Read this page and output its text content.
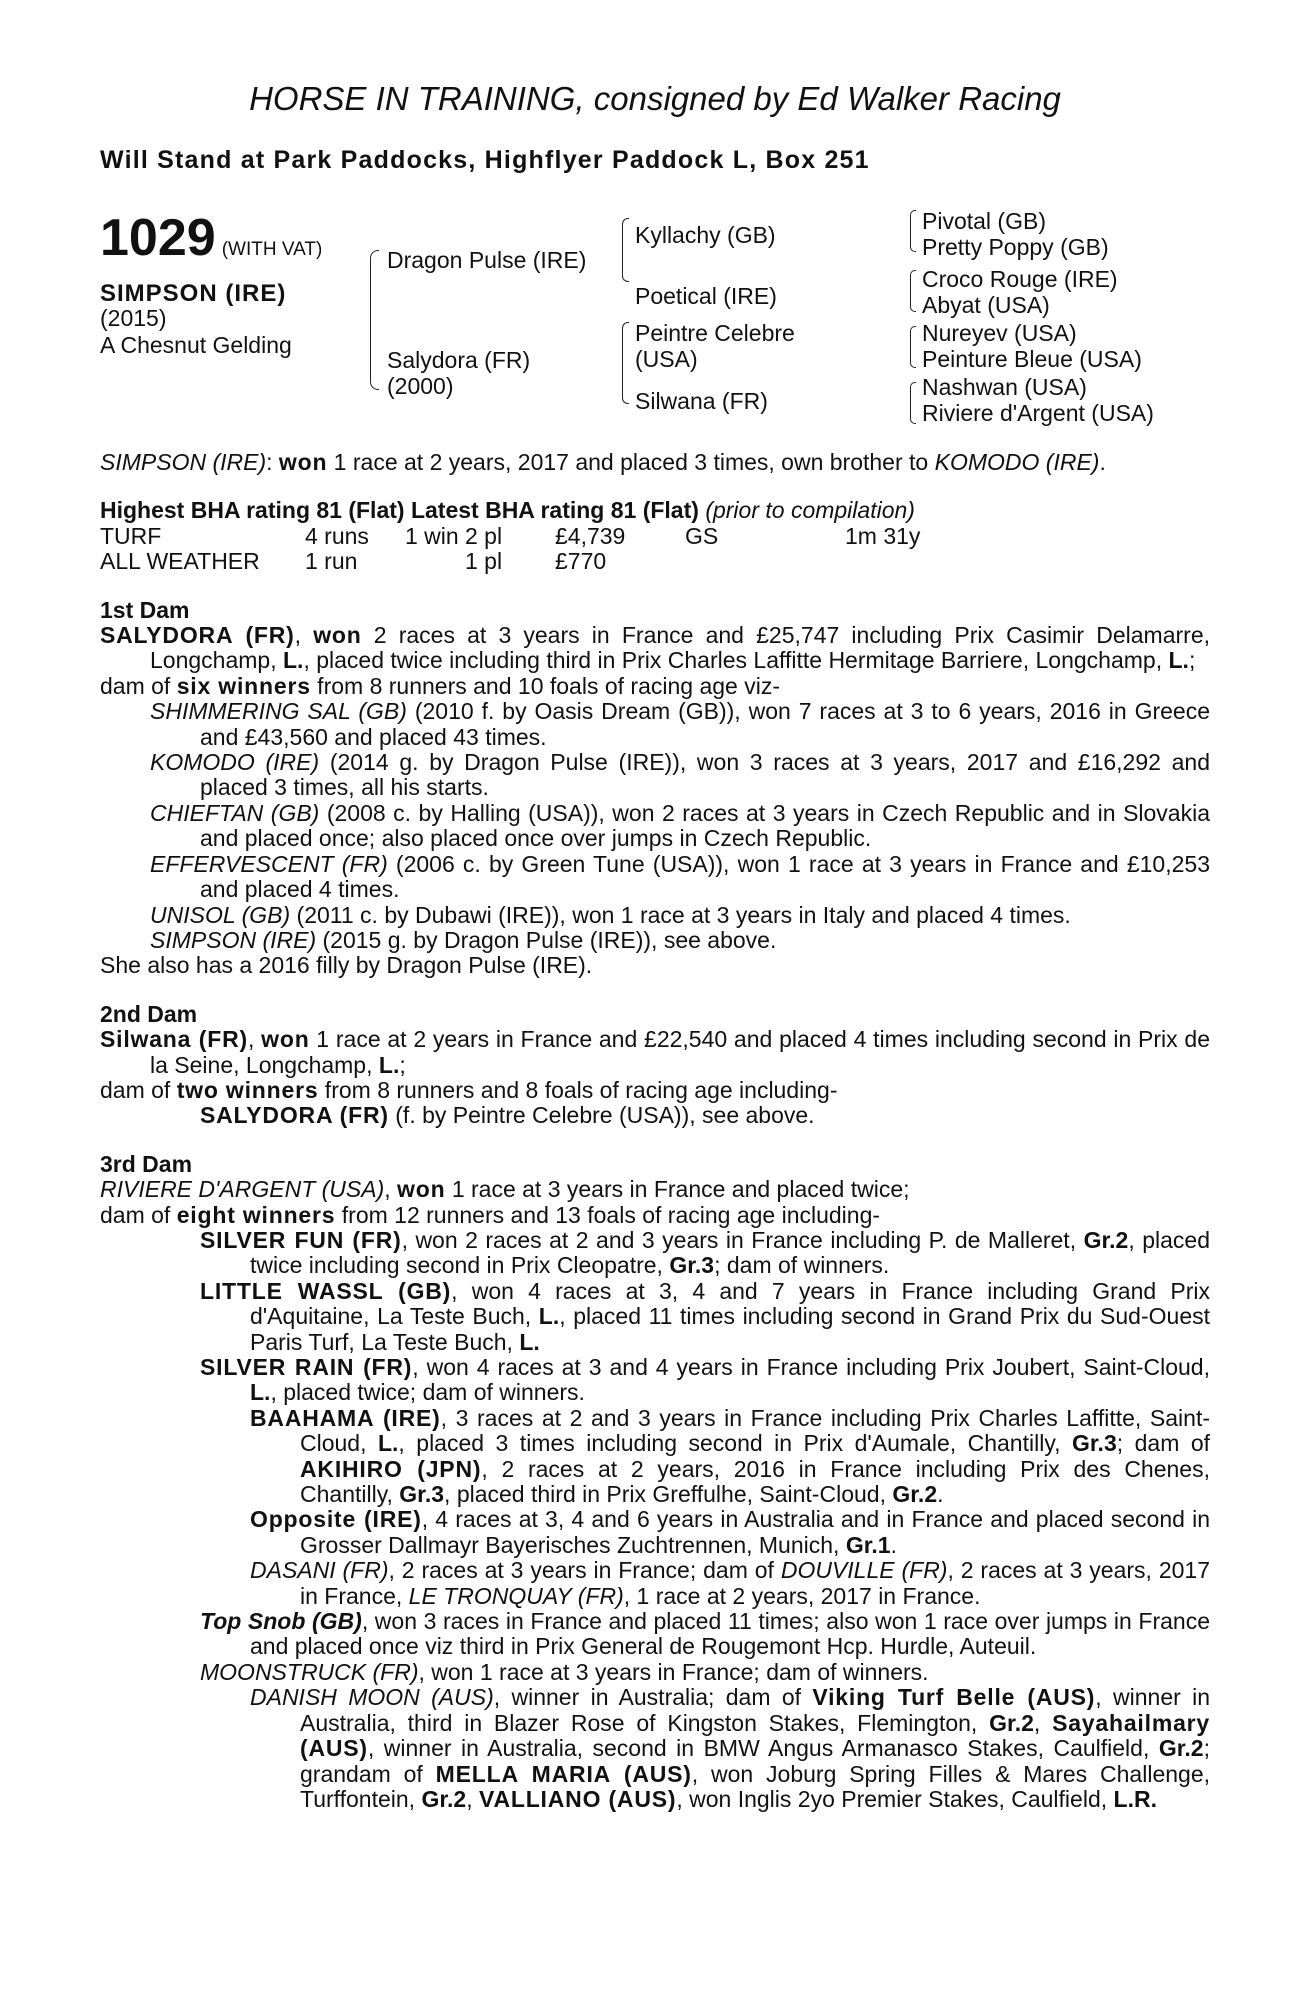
HORSE IN TRAINING, consigned by Ed Walker Racing
Will Stand at Park Paddocks, Highflyer Paddock L, Box 251
1029 (WITH VAT)
SIMPSON (IRE)
(2015)
A Chesnut Gelding
Dragon Pulse (IRE)
Salydora (FR)
(2000)
Kyllachy (GB)
Poetical (IRE)
Peintre Celebre
(USA)
Silwana (FR)
Pivotal (GB)
Pretty Poppy (GB)
Croco Rouge (IRE)
Abyat (USA)
Nureyev (USA)
Peinture Bleue (USA)
Nashwan (USA)
Riviere d'Argent (USA)

SIMPSON (IRE): won 1 race at 2 years, 2017 and placed 3 times, own brother to KOMODO (IRE).

Highest BHA rating 81 (Flat) Latest BHA rating 81 (Flat) (prior to compilation)
TURF	4 runs	1 win 2 pl	£4,739	GS	1m 31y
ALL WEATHER	1 run	1 pl	£770
1st Dam

SALYDORA (FR), won 2 races at 3 years in France and £25,747 including Prix Casimir Delamarre, Longchamp, L., placed twice including third in Prix Charles Laffitte Hermitage Barriere, Longchamp, L.;

dam of six winners from 8 runners and 10 foals of racing age viz-

SHIMMERING SAL (GB) (2010 f. by Oasis Dream (GB)), won 7 races at 3 to 6 years, 2016 in Greece and £43,560 and placed 43 times.

KOMODO (IRE) (2014 g. by Dragon Pulse (IRE)), won 3 races at 3 years, 2017 and £16,292 and placed 3 times, all his starts.

CHIEFTAN (GB) (2008 c. by Halling (USA)), won 2 races at 3 years in Czech Republic and in Slovakia and placed once; also placed once over jumps in Czech Republic.

EFFERVESCENT (FR) (2006 c. by Green Tune (USA)), won 1 race at 3 years in France and £10,253 and placed 4 times.

UNISOL (GB) (2011 c. by Dubawi (IRE)), won 1 race at 3 years in Italy and placed 4 times.

SIMPSON (IRE) (2015 g. by Dragon Pulse (IRE)), see above.

She also has a 2016 filly by Dragon Pulse (IRE).

2nd Dam

Silwana (FR), won 1 race at 2 years in France and £22,540 and placed 4 times including second in Prix de la Seine, Longchamp, L.;

dam of two winners from 8 runners and 8 foals of racing age including-

SALYDORA (FR) (f. by Peintre Celebre (USA)), see above.

3rd Dam

RIVIERE D'ARGENT (USA), won 1 race at 3 years in France and placed twice;

dam of eight winners from 12 runners and 13 foals of racing age including-

SILVER FUN (FR), won 2 races at 2 and 3 years in France including P. de Malleret, Gr.2, placed twice including second in Prix Cleopatre, Gr.3; dam of winners.

LITTLE WASSL (GB), won 4 races at 3, 4 and 7 years in France including Grand Prix d'Aquitaine, La Teste Buch, L., placed 11 times including second in Grand Prix du Sud-Ouest Paris Turf, La Teste Buch, L.

SILVER RAIN (FR), won 4 races at 3 and 4 years in France including Prix Joubert, Saint-Cloud, L., placed twice; dam of winners.

BAAHAMA (IRE), 3 races at 2 and 3 years in France including Prix Charles Laffitte, Saint-Cloud, L., placed 3 times including second in Prix d'Aumale, Chantilly, Gr.3; dam of AKIHIRO (JPN), 2 races at 2 years, 2016 in France including Prix des Chenes, Chantilly, Gr.3, placed third in Prix Greffulhe, Saint-Cloud, Gr.2.

Opposite (IRE), 4 races at 3, 4 and 6 years in Australia and in France and placed second in Grosser Dallmayr Bayerisches Zuchtrennen, Munich, Gr.1.

DASANI (FR), 2 races at 3 years in France; dam of DOUVILLE (FR), 2 races at 3 years, 2017 in France, LE TRONQUAY (FR), 1 race at 2 years, 2017 in France.

Top Snob (GB), won 3 races in France and placed 11 times; also won 1 race over jumps in France and placed once viz third in Prix General de Rougemont Hcp. Hurdle, Auteuil.

MOONSTRUCK (FR), won 1 race at 3 years in France; dam of winners.

DANISH MOON (AUS), winner in Australia; dam of Viking Turf Belle (AUS), winner in Australia, third in Blazer Rose of Kingston Stakes, Flemington, Gr.2, Sayahailmary (AUS), winner in Australia, second in BMW Angus Armanasco Stakes, Caulfield, Gr.2; grandam of MELLA MARIA (AUS), won Joburg Spring Filles & Mares Challenge, Turffontein, Gr.2, VALLIANO (AUS), won Inglis 2yo Premier Stakes, Caulfield, L.R.
